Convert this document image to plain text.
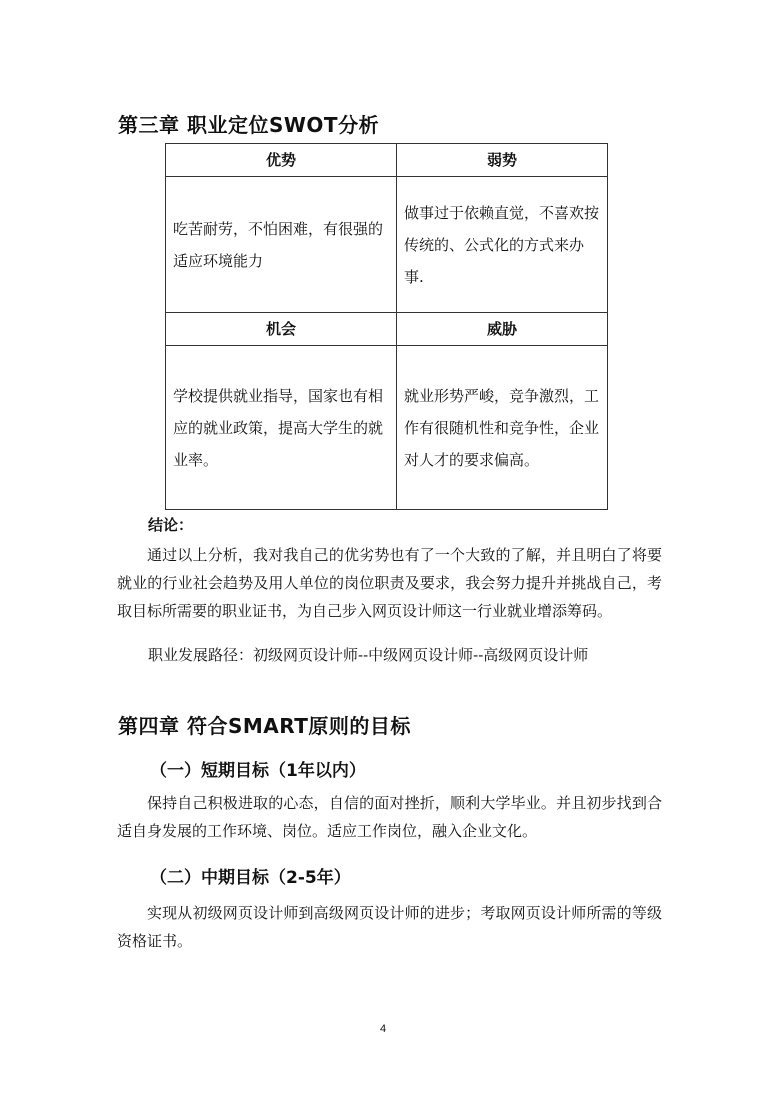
第三章 职业定位SWOT分析
优势	弱势
吃苦耐劳，不怕困难，有很强的适应环境能力	做事过于依赖直觉，不喜欢按传统的、公式化的方式来办事.
机会	威胁
学校提供就业指导，国家也有相应的就业政策，提高大学生的就业率。	就业形势严峻，竞争激烈，工作有很随机性和竞争性，企业对人才的要求偏高。
结论：
通过以上分析，我对我自己的优劣势也有了一个大致的了解，并且明白了将要就业的行业社会趋势及用人单位的岗位职责及要求，我会努力提升并挑战自己，考取目标所需要的职业证书，为自己步入网页设计师这一行业就业增添筹码。
职业发展路径：初级网页设计师--中级网页设计师--高级网页设计师
第四章 符合SMART原则的目标
（一）短期目标（1年以内）
保持自己积极进取的心态，自信的面对挫折，顺利大学毕业。并且初步找到合适自身发展的工作环境、岗位。适应工作岗位，融入企业文化。
（二）中期目标（2-5年）
实现从初级网页设计师到高级网页设计师的进步；考取网页设计师所需的等级资格证书。
4
